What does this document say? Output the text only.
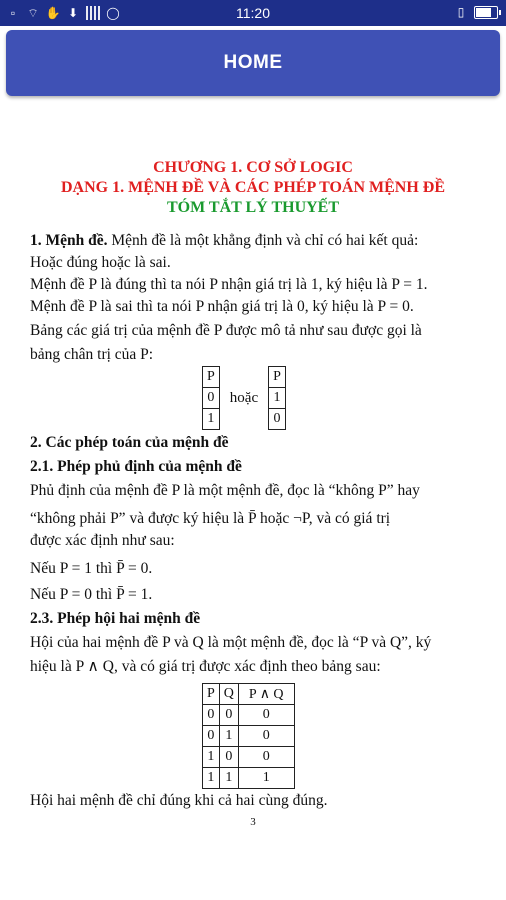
▫	⌔ ✋ ⬇ ◯	11:20	▯
HOME
CHƯƠNG 1. CƠ SỞ LOGIC
DẠNG 1. MỆNH ĐỀ VÀ CÁC PHÉP TOÁN MỆNH ĐỀ
TÓM TẮT LÝ THUYẾT
1. Mệnh đề. Mệnh đề là một khẳng định và chỉ có hai kết quả:
Hoặc đúng hoặc là sai.
Mệnh đề P là đúng thì ta nói P nhận giá trị là 1, ký hiệu là P = 1.
Mệnh đề P là sai thì ta nói P nhận giá trị là 0, ký hiệu là P = 0.
Bảng các giá trị của mệnh đề P được mô tả như sau được gọi là
bảng chân trị của P:
P
0
1
hoặc
P
1
0
2. Các phép toán của mệnh đề
2.1. Phép phủ định của mệnh đề
Phủ định của mệnh đề P là một mệnh đề, đọc là “không P” hay
“không phải P” và được ký hiệu là P̄ hoặc ¬P, và có giá trị
được xác định như sau:
Nếu P = 1 thì P̄ = 0.
Nếu P = 0 thì P̄ = 1.
2.3. Phép hội hai mệnh đề
Hội của hai mệnh đề P và Q là một mệnh đề, đọc là “P và Q”, ký
hiệu là P ∧ Q, và có giá trị được xác định theo bảng sau:
P	Q	P ∧ Q
0	0	0
0	1	0
1	0	0
1	1	1
Hội hai mệnh đề chỉ đúng khi cả hai cùng đúng.
3
